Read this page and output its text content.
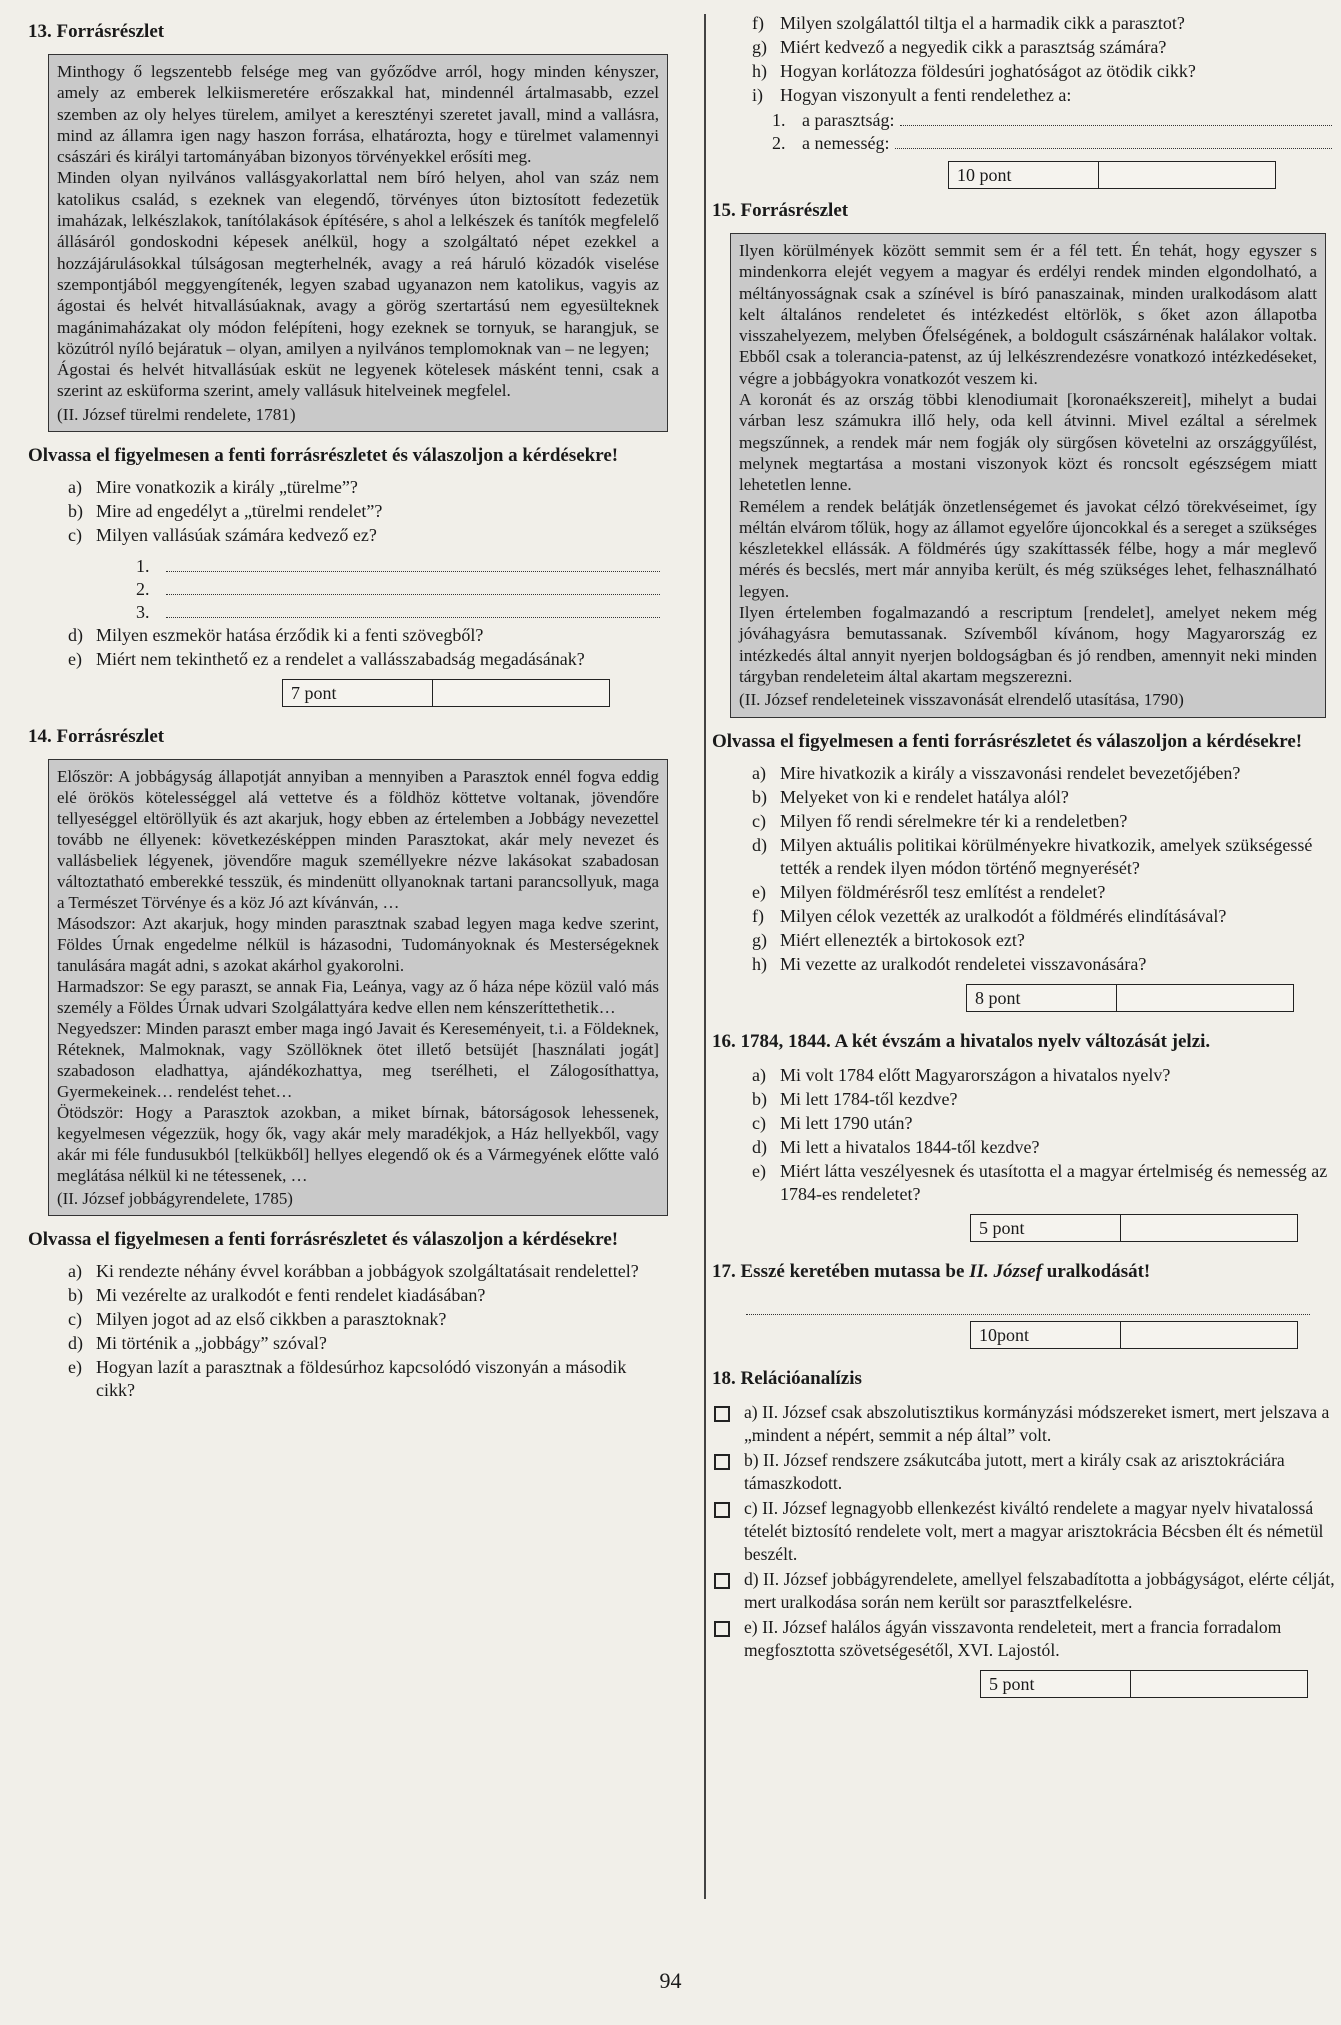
13. Forrásrészlet

Minthogy ő legszentebb felsége meg van győződve arról, hogy minden kényszer, amely az emberek lelkiismeretére erőszakkal hat, mindennél ártalmasabb, ezzel szemben az oly helyes türelem, amilyet a keresztényi szeretet javall, mind a vallásra, mind az államra igen nagy haszon forrása, elhatározta, hogy e türelmet valamennyi császári és királyi tartományában bizonyos törvényekkel erősíti meg.

Minden olyan nyilvános vallásgyakorlattal nem bíró helyen, ahol van száz nem katolikus család, s ezeknek van elegendő, törvényes úton biztosított fedezetük imaházak, lelkészlakok, tanítólakások építésére, s ahol a lelkészek és tanítók megfelelő állásáról gondoskodni képesek anélkül, hogy a szolgáltató népet ezekkel a hozzájárulásokkal túlságosan megterhelnék, avagy a reá háruló közadók viselése szempontjából meggyengítenék, legyen szabad ugyanazon nem katolikus, vagyis az ágostai és helvét hitvallásúaknak, avagy a görög szertartású nem egyesülteknek magánimaházakat oly módon felépíteni, hogy ezeknek se tornyuk, se harangjuk, se közútról nyíló bejáratuk – olyan, amilyen a nyilvános templomoknak van – ne legyen;

Ágostai és helvét hitvallásúak esküt ne legyenek kötelesek másként tenni, csak a szerint az esküforma szerint, amely vallásuk hitelveinek megfelel.

(II. József türelmi rendelete, 1781)

Olvassa el figyelmesen a fenti forrásrészletet és válaszoljon a kérdésekre!
a) Mire vonatkozik a király „türelme”?
b) Mire ad engedélyt a „türelmi rendelet”?
c) Milyen vallásúak számára kedvező ez?
1.
2.
3.
d) Milyen eszmekör hatása érződik ki a fenti szövegből?
e) Miért nem tekinthető ez a rendelet a vallásszabadság megadásának?
7 pont
14. Forrásrészlet

Először: A jobbágyság állapotját annyiban a mennyiben a Parasztok ennél fogva eddig elé örökös kötelességgel alá vettetve és a földhöz köttetve voltanak, jövendőre tellyeséggel eltöröllyük és azt akarjuk, hogy ebben az értelemben a Jobbágy nevezettel tovább ne éllyenek: következésképpen minden Parasztokat, akár mely nevezet és vallásbeliek légyenek, jövendőre maguk személlyekre nézve lakásokat szabadosan változtatható emberekké tesszük, és mindenütt ollyanoknak tartani parancsollyuk, maga a Természet Törvénye és a köz Jó azt kívánván, …

Másodszor: Azt akarjuk, hogy minden parasztnak szabad legyen maga kedve szerint, Földes Úrnak engedelme nélkül is házasodni, Tudományoknak és Mesterségeknek tanulására magát adni, s azokat akárhol gyakorolni.

Harmadszor: Se egy paraszt, se annak Fia, Leánya, vagy az ő háza népe közül való más személy a Földes Úrnak udvari Szolgálattyára kedve ellen nem kénszeríttethetik…

Negyedszer: Minden paraszt ember maga ingó Javait és Kereseményeit, t.i. a Földeknek, Réteknek, Malmoknak, vagy Szöllöknek ötet illető betsüjét [használati jogát] szabadoson eladhattya, ajándékozhattya, meg tserélheti, el Zálogosíthattya, Gyermekeinek… rendelést tehet…

Ötödször: Hogy a Parasztok azokban, a miket bírnak, bátorságosok lehessenek, kegyelmesen végezzük, hogy ők, vagy akár mely maradékjok, a Ház hellyekből, vagy akár mi féle fundusukból [telkükből] hellyes elegendő ok és a Vármegyének előtte való meglátása nélkül ki ne tétessenek, …

(II. József jobbágyrendelete, 1785)

Olvassa el figyelmesen a fenti forrásrészletet és válaszoljon a kérdésekre!
a) Ki rendezte néhány évvel korábban a jobbágyok szolgáltatásait rendelettel?
b) Mi vezérelte az uralkodót e fenti rendelet kiadásában?
c) Milyen jogot ad az első cikkben a parasztoknak?
d) Mi történik a „jobbágy” szóval?
e) Hogyan lazít a parasztnak a földesúrhoz kapcsolódó viszonyán a második cikk?
f) Milyen szolgálattól tiltja el a harmadik cikk a parasztot?
g) Miért kedvező a negyedik cikk a parasztság számára?
h) Hogyan korlátozza földesúri joghatóságot az ötödik cikk?
i) Hogyan viszonyult a fenti rendelethez a:
1. a parasztság:
2. a nemesség:
10 pont
15. Forrásrészlet

Ilyen körülmények között semmit sem ér a fél tett. Én tehát, hogy egyszer s mindenkorra elejét vegyem a magyar és erdélyi rendek minden elgondolható, a méltányosságnak csak a színével is bíró panaszainak, minden uralkodásom alatt kelt általános rendeletet és intézkedést eltörlök, s őket azon állapotba visszahelyezem, melyben Őfelségének, a boldogult császárnénak halálakor voltak. Ebből csak a tolerancia-patenst, az új lelkészrendezésre vonatkozó intézkedéseket, végre a jobbágyokra vonatkozót veszem ki.

A koronát és az ország többi klenodiumait [koronaékszereit], mihelyt a budai várban lesz számukra illő hely, oda kell átvinni. Mivel ezáltal a sérelmek megszűnnek, a rendek már nem fogják oly sürgősen követelni az országgyűlést, melynek megtartása a mostani viszonyok közt és roncsolt egészségem miatt lehetetlen lenne.

Remélem a rendek belátják önzetlenségemet és javokat célzó törekvéseimet, így méltán elvárom tőlük, hogy az államot egyelőre újoncokkal és a sereget a szükséges készletekkel ellássák. A földmérés úgy szakíttassék félbe, hogy a már meglevő mérés és becslés, mert már annyiba került, és még szükséges lehet, felhasználható legyen.

Ilyen értelemben fogalmazandó a rescriptum [rendelet], amelyet nekem még jóváhagyásra bemutassanak. Szívemből kívánom, hogy Magyarország ez intézkedés által annyit nyerjen boldogságban és jó rendben, amennyit neki minden tárgyban rendeleteim által akartam megszerezni.

(II. József rendeleteinek visszavonását elrendelő utasítása, 1790)

Olvassa el figyelmesen a fenti forrásrészletet és válaszoljon a kérdésekre!
a) Mire hivatkozik a király a visszavonási rendelet bevezetőjében?
b) Melyeket von ki e rendelet hatálya alól?
c) Milyen fő rendi sérelmekre tér ki a rendeletben?
d) Milyen aktuális politikai körülményekre hivatkozik, amelyek szükségessé tették a rendek ilyen módon történő megnyerését?
e) Milyen földmérésről tesz említést a rendelet?
f) Milyen célok vezették az uralkodót a földmérés elindításával?
g) Miért ellenezték a birtokosok ezt?
h) Mi vezette az uralkodót rendeletei visszavonására?
8 pont
16. 1784, 1844. A két évszám a hivatalos nyelv változását jelzi.
a) Mi volt 1784 előtt Magyarországon a hivatalos nyelv?
b) Mi lett 1784-től kezdve?
c) Mi lett 1790 után?
d) Mi lett a hivatalos 1844-től kezdve?
e) Miért látta veszélyesnek és utasította el a magyar értelmiség és nemesség az 1784-es rendeletet?
5 pont
17. Esszé keretében mutassa be II. József uralkodását!
10pont
18. Relációanalízis
a) II. József csak abszolutisztikus kormányzási módszereket ismert, mert jelszava a „mindent a népért, semmit a nép által” volt.
b) II. József rendszere zsákutcába jutott, mert a király csak az arisztokráciára támaszkodott.
c) II. József legnagyobb ellenkezést kiváltó rendelete a magyar nyelv hivatalossá tételét biztosító rendelete volt, mert a magyar arisztokrácia Bécsben élt és németül beszélt.
d) II. József jobbágyrendelete, amellyel felszabadította a jobbágyságot, elérte célját, mert uralkodása során nem került sor parasztfelkelésre.
e) II. József halálos ágyán visszavonta rendeleteit, mert a francia forradalom megfosztotta szövetségesétől, XVI. Lajostól.
5 pont
94
